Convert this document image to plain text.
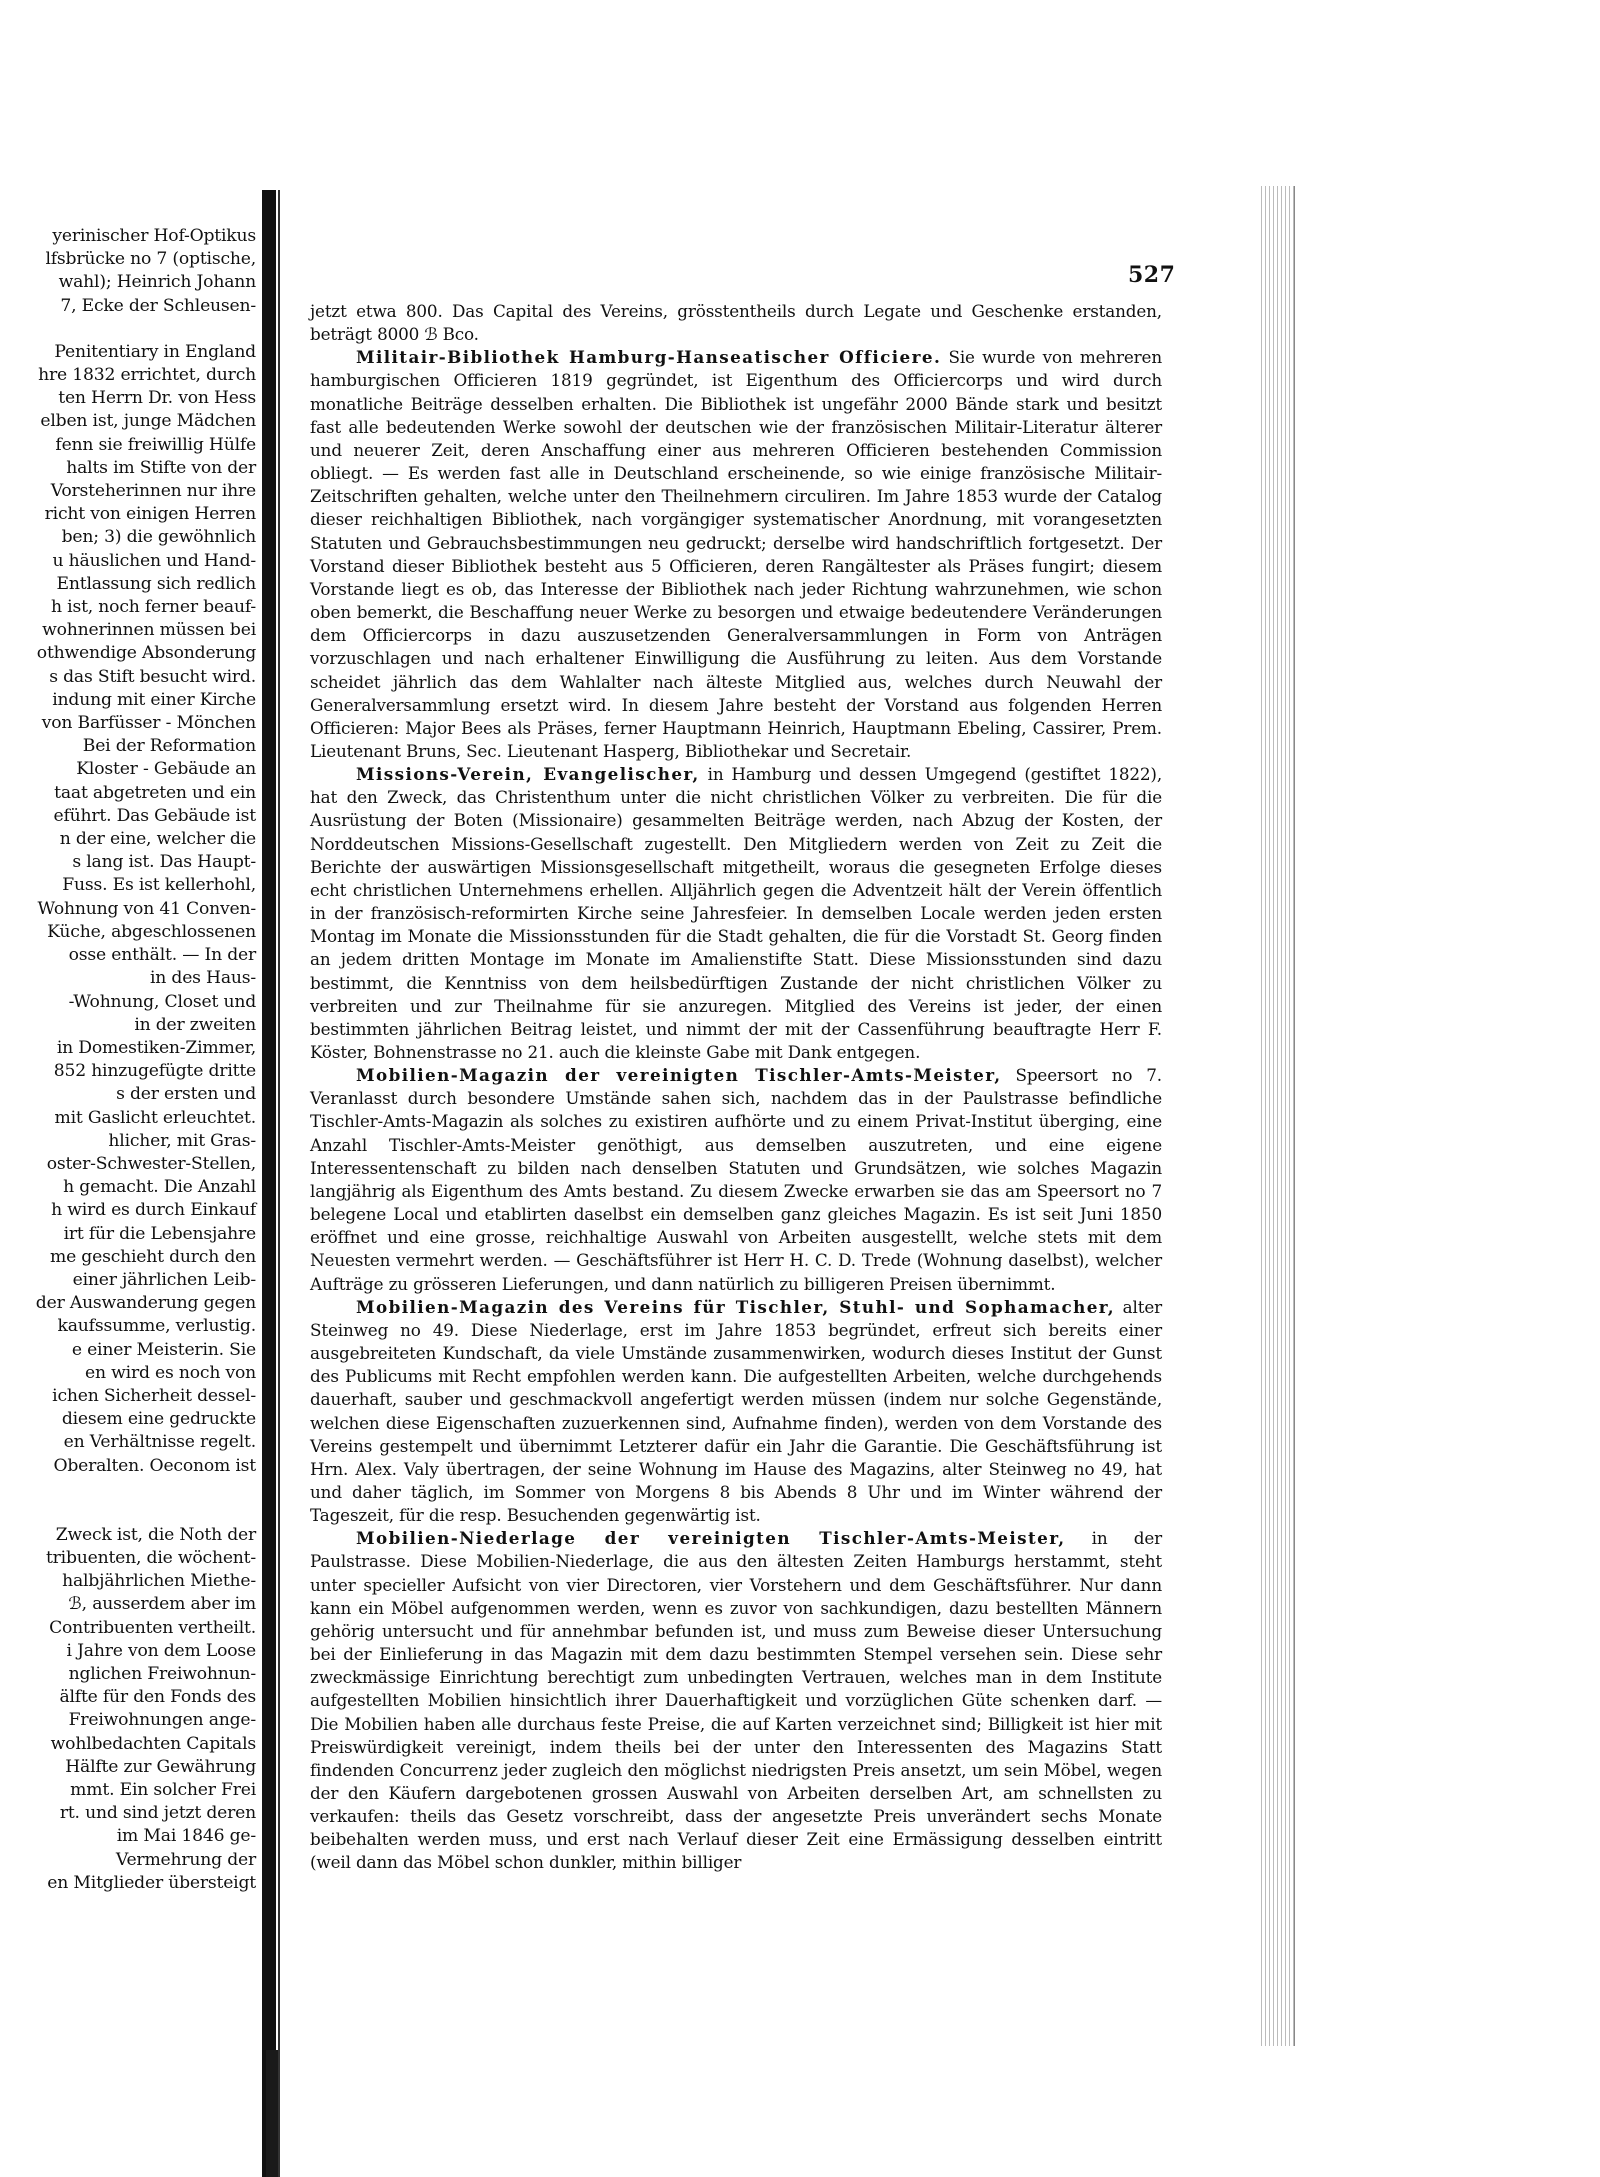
yerinischer Hof-Optikus
lfsbrücke no 7 (optische,
wahl); Heinrich Johann
7, Ecke der Schleusen-
Penitentiary in England
hre 1832 errichtet, durch
ten Herrn Dr. von Hess
elben ist, junge Mädchen
fenn sie freiwillig Hülfe
halts im Stifte von der
Vorsteherinnen nur ihre
richt von einigen Herren
ben; 3) die gewöhnlich
u häuslichen und Hand-
Entlassung sich redlich
h ist, noch ferner beauf-
wohnerinnen müssen bei
othwendige Absonderung
s das Stift besucht wird.
indung mit einer Kirche
von Barfüsser - Mönchen
Bei der Reformation
Kloster - Gebäude an
taat abgetreten und ein
eführt. Das Gebäude ist
n der eine, welcher die
s lang ist. Das Haupt-
Fuss. Es ist kellerhohl,
Wohnung von 41 Conven-
Küche, abgeschlossenen
osse enthält. — In der
in des Haus-
-Wohnung, Closet und
in der zweiten
in Domestiken-Zimmer,
852 hinzugefügte dritte
s der ersten und
mit Gaslicht erleuchtet.
hlicher, mit Gras-
oster-Schwester-Stellen,
h gemacht. Die Anzahl
h wird es durch Einkauf
irt für die Lebensjahre
me geschieht durch den
einer jährlichen Leib-
der Auswanderung gegen
kaufssumme, verlustig.
e einer Meisterin. Sie
en wird es noch von
ichen Sicherheit dessel-
diesem eine gedruckte
en Verhältnisse regelt.
Oberalten. Oeconom ist
Zweck ist, die Noth der
tribuenten, die wöchent-
halbjährlichen Miethe-
ℬ, ausserdem aber im
Contribuenten vertheilt.
i Jahre von dem Loose
nglichen Freiwohnun-
älfte für den Fonds des
Freiwohnungen ange-
wohlbedachten Capitals
Hälfte zur Gewährung
mmt. Ein solcher Frei
rt. und sind jetzt deren
im Mai 1846 ge-
Vermehrung der
en Mitglieder übersteigt
527

jetzt etwa 800. Das Capital des Vereins, grösstentheils durch Legate und Geschenke erstanden, beträgt 8000 ℬ Bco.

Militair-Bibliothek Hamburg-Hanseatischer Officiere. Sie wurde von mehreren hamburgischen Officieren 1819 gegründet, ist Eigenthum des Officiercorps und wird durch monatliche Beiträge desselben erhalten. Die Bibliothek ist ungefähr 2000 Bände stark und besitzt fast alle bedeutenden Werke sowohl der deutschen wie der französischen Militair-Literatur älterer und neuerer Zeit, deren Anschaffung einer aus mehreren Officieren bestehenden Commission obliegt. — Es werden fast alle in Deutschland erscheinende, so wie einige französische Militair-Zeitschriften gehalten, welche unter den Theilnehmern circuliren. Im Jahre 1853 wurde der Catalog dieser reichhaltigen Bibliothek, nach vorgängiger systematischer Anordnung, mit vorangesetzten Statuten und Gebrauchsbestimmungen neu gedruckt; derselbe wird handschriftlich fortgesetzt. Der Vorstand dieser Bibliothek besteht aus 5 Officieren, deren Rangältester als Präses fungirt; diesem Vorstande liegt es ob, das Interesse der Bibliothek nach jeder Richtung wahrzunehmen, wie schon oben bemerkt, die Beschaffung neuer Werke zu besorgen und etwaige bedeutendere Veränderungen dem Officiercorps in dazu auszusetzenden Generalversammlungen in Form von Anträgen vorzuschlagen und nach erhaltener Einwilligung die Ausführung zu leiten. Aus dem Vorstande scheidet jährlich das dem Wahlalter nach älteste Mitglied aus, welches durch Neuwahl der Generalversammlung ersetzt wird. In diesem Jahre besteht der Vorstand aus folgenden Herren Officieren: Major Bees als Präses, ferner Hauptmann Heinrich, Hauptmann Ebeling, Cassirer, Prem. Lieutenant Bruns, Sec. Lieutenant Hasperg, Bibliothekar und Secretair.

Missions-Verein, Evangelischer, in Hamburg und dessen Umgegend (gestiftet 1822), hat den Zweck, das Christenthum unter die nicht christlichen Völker zu verbreiten. Die für die Ausrüstung der Boten (Missionaire) gesammelten Beiträge werden, nach Abzug der Kosten, der Norddeutschen Missions-Gesellschaft zugestellt. Den Mitgliedern werden von Zeit zu Zeit die Berichte der auswärtigen Missionsgesellschaft mitgetheilt, woraus die gesegneten Erfolge dieses echt christlichen Unternehmens erhellen. Alljährlich gegen die Adventzeit hält der Verein öffentlich in der französisch-reformirten Kirche seine Jahresfeier. In demselben Locale werden jeden ersten Montag im Monate die Missionsstunden für die Stadt gehalten, die für die Vorstadt St. Georg finden an jedem dritten Montage im Monate im Amalienstifte Statt. Diese Missionsstunden sind dazu bestimmt, die Kenntniss von dem heilsbedürftigen Zustande der nicht christlichen Völker zu verbreiten und zur Theilnahme für sie anzuregen. Mitglied des Vereins ist jeder, der einen bestimmten jährlichen Beitrag leistet, und nimmt der mit der Cassenführung beauftragte Herr F. Köster, Bohnenstrasse no 21. auch die kleinste Gabe mit Dank entgegen.

Mobilien-Magazin der vereinigten Tischler-Amts-Meister, Speersort no 7. Veranlasst durch besondere Umstände sahen sich, nachdem das in der Paulstrasse befindliche Tischler-Amts-Magazin als solches zu existiren aufhörte und zu einem Privat-Institut überging, eine Anzahl Tischler-Amts-Meister genöthigt, aus demselben auszutreten, und eine eigene Interessentenschaft zu bilden nach denselben Statuten und Grundsätzen, wie solches Magazin langjährig als Eigenthum des Amts bestand. Zu diesem Zwecke erwarben sie das am Speersort no 7 belegene Local und etablirten daselbst ein demselben ganz gleiches Magazin. Es ist seit Juni 1850 eröffnet und eine grosse, reichhaltige Auswahl von Arbeiten ausgestellt, welche stets mit dem Neuesten vermehrt werden. — Geschäftsführer ist Herr H. C. D. Trede (Wohnung daselbst), welcher Aufträge zu grösseren Lieferungen, und dann natürlich zu billigeren Preisen übernimmt.

Mobilien-Magazin des Vereins für Tischler, Stuhl- und Sophamacher, alter Steinweg no 49. Diese Niederlage, erst im Jahre 1853 begründet, erfreut sich bereits einer ausgebreiteten Kundschaft, da viele Umstände zusammenwirken, wodurch dieses Institut der Gunst des Publicums mit Recht empfohlen werden kann. Die aufgestellten Arbeiten, welche durchgehends dauerhaft, sauber und geschmackvoll angefertigt werden müssen (indem nur solche Gegenstände, welchen diese Eigenschaften zuzuerkennen sind, Aufnahme finden), werden von dem Vorstande des Vereins gestempelt und übernimmt Letzterer dafür ein Jahr die Garantie. Die Geschäftsführung ist Hrn. Alex. Valy übertragen, der seine Wohnung im Hause des Magazins, alter Steinweg no 49, hat und daher täglich, im Sommer von Morgens 8 bis Abends 8 Uhr und im Winter während der Tageszeit, für die resp. Besuchenden gegenwärtig ist.

Mobilien-Niederlage der vereinigten Tischler-Amts-Meister, in der Paulstrasse. Diese Mobilien-Niederlage, die aus den ältesten Zeiten Hamburgs herstammt, steht unter specieller Aufsicht von vier Directoren, vier Vorstehern und dem Geschäftsführer. Nur dann kann ein Möbel aufgenommen werden, wenn es zuvor von sachkundigen, dazu bestellten Männern gehörig untersucht und für annehmbar befunden ist, und muss zum Beweise dieser Untersuchung bei der Einlieferung in das Magazin mit dem dazu bestimmten Stempel versehen sein. Diese sehr zweckmässige Einrichtung berechtigt zum unbedingten Vertrauen, welches man in dem Institute aufgestellten Mobilien hinsichtlich ihrer Dauerhaftigkeit und vorzüglichen Güte schenken darf. — Die Mobilien haben alle durchaus feste Preise, die auf Karten verzeichnet sind; Billigkeit ist hier mit Preiswürdigkeit vereinigt, indem theils bei der unter den Interessenten des Magazins Statt findenden Concurrenz jeder zugleich den möglichst niedrigsten Preis ansetzt, um sein Möbel, wegen der den Käufern dargebotenen grossen Auswahl von Arbeiten derselben Art, am schnellsten zu verkaufen: theils das Gesetz vorschreibt, dass der angesetzte Preis unverändert sechs Monate beibehalten werden muss, und erst nach Verlauf dieser Zeit eine Ermässigung desselben eintritt (weil dann das Möbel schon dunkler, mithin billiger
